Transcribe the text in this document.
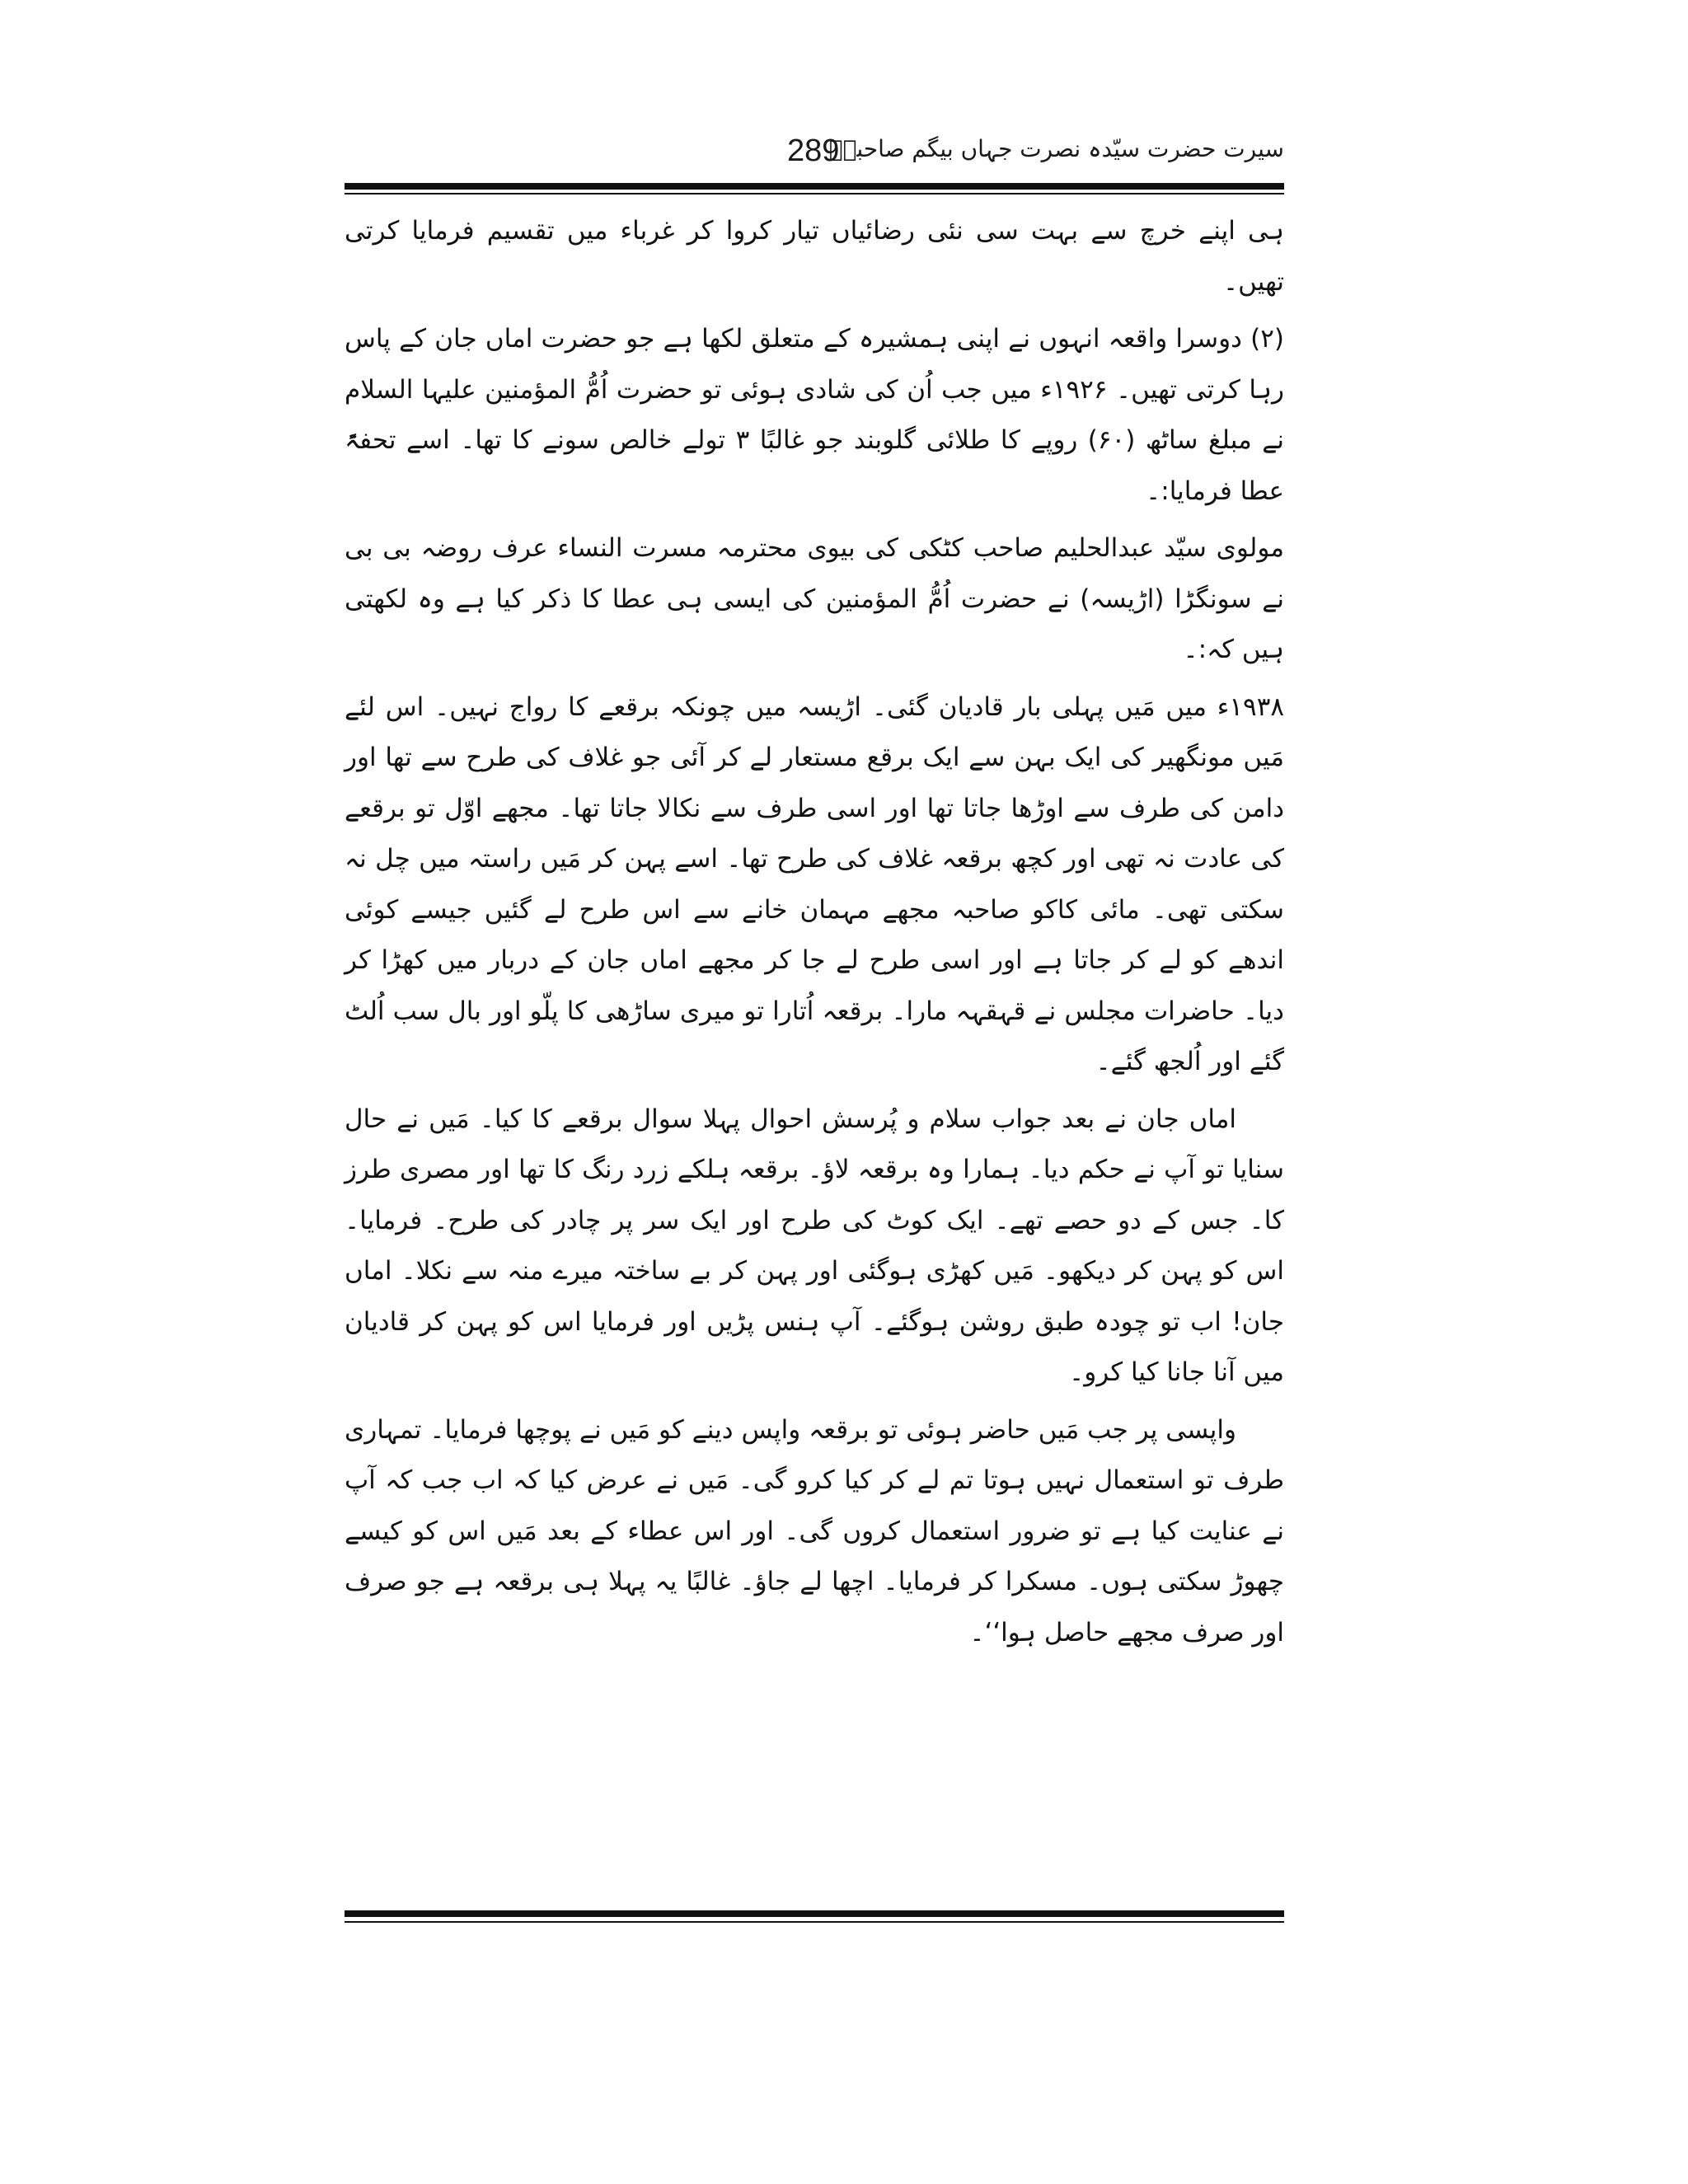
289
سیرت حضرت سیّدہ نصرت جہاں بیگم صاحبہؓ

ہی اپنے خرچ سے بہت سی نئی رضائیاں تیار کروا کر غرباء میں تقسیم فرمایا کرتی تھیں۔

(۲) دوسرا واقعہ انہوں نے اپنی ہمشیرہ کے متعلق لکھا ہے جو حضرت اماں جان کے پاس رہا کرتی تھیں۔ ۱۹۲۶ء میں جب اُن کی شادی ہوئی تو حضرت اُمُّ المؤمنین علیہا السلام نے مبلغ ساٹھ (۶۰) روپے کا طلائی گلوبند جو غالبًا ۳ تولے خالص سونے کا تھا۔ اسے تحفۃً عطا فرمایا:۔

مولوی سیّد عبدالحلیم صاحب کٹکی کی بیوی محترمہ مسرت النساء عرف روضہ بی بی نے سونگڑا (اڑیسہ) نے حضرت اُمُّ المؤمنین کی ایسی ہی عطا کا ذکر کیا ہے وہ لکھتی ہیں کہ:۔

۱۹۳۸ء میں مَیں پہلی بار قادیان گئی۔ اڑیسہ میں چونکہ برقعے کا رواج نہیں۔ اس لئے مَیں مونگھیر کی ایک بہن سے ایک برقع مستعار لے کر آئی جو غلاف کی طرح سے تھا اور دامن کی طرف سے اوڑھا جاتا تھا اور اسی طرف سے نکالا جاتا تھا۔ مجھے اوّل تو برقعے کی عادت نہ تھی اور کچھ برقعہ غلاف کی طرح تھا۔ اسے پہن کر مَیں راستہ میں چل نہ سکتی تھی۔ مائی کاکو صاحبہ مجھے مہمان خانے سے اس طرح لے گئیں جیسے کوئی اندھے کو لے کر جاتا ہے اور اسی طرح لے جا کر مجھے اماں جان کے دربار میں کھڑا کر دیا۔ حاضرات مجلس نے قہقہہ مارا۔ برقعہ اُتارا تو میری ساڑھی کا پلّو اور بال سب اُلٹ گئے اور اُلجھ گئے۔

اماں جان نے بعد جواب سلام و پُرسش احوال پہلا سوال برقعے کا کیا۔ مَیں نے حال سنایا تو آپ نے حکم دیا۔ ہمارا وہ برقعہ لاؤ۔ برقعہ ہلکے زرد رنگ کا تھا اور مصری طرز کا۔ جس کے دو حصے تھے۔ ایک کوٹ کی طرح اور ایک سر پر چادر کی طرح۔ فرمایا۔ اس کو پہن کر دیکھو۔ مَیں کھڑی ہوگئی اور پہن کر بے ساختہ میرے منہ سے نکلا۔ اماں جان! اب تو چودہ طبق روشن ہوگئے۔ آپ ہنس پڑیں اور فرمایا اس کو پہن کر قادیان میں آنا جانا کیا کرو۔

واپسی پر جب مَیں حاضر ہوئی تو برقعہ واپس دینے کو مَیں نے پوچھا فرمایا۔ تمہاری طرف تو استعمال نہیں ہوتا تم لے کر کیا کرو گی۔ مَیں نے عرض کیا کہ اب جب کہ آپ نے عنایت کیا ہے تو ضرور استعمال کروں گی۔ اور اس عطاء کے بعد مَیں اس کو کیسے چھوڑ سکتی ہوں۔ مسکرا کر فرمایا۔ اچھا لے جاؤ۔ غالبًا یہ پہلا ہی برقعہ ہے جو صرف اور صرف مجھے حاصل ہوا‘‘۔
